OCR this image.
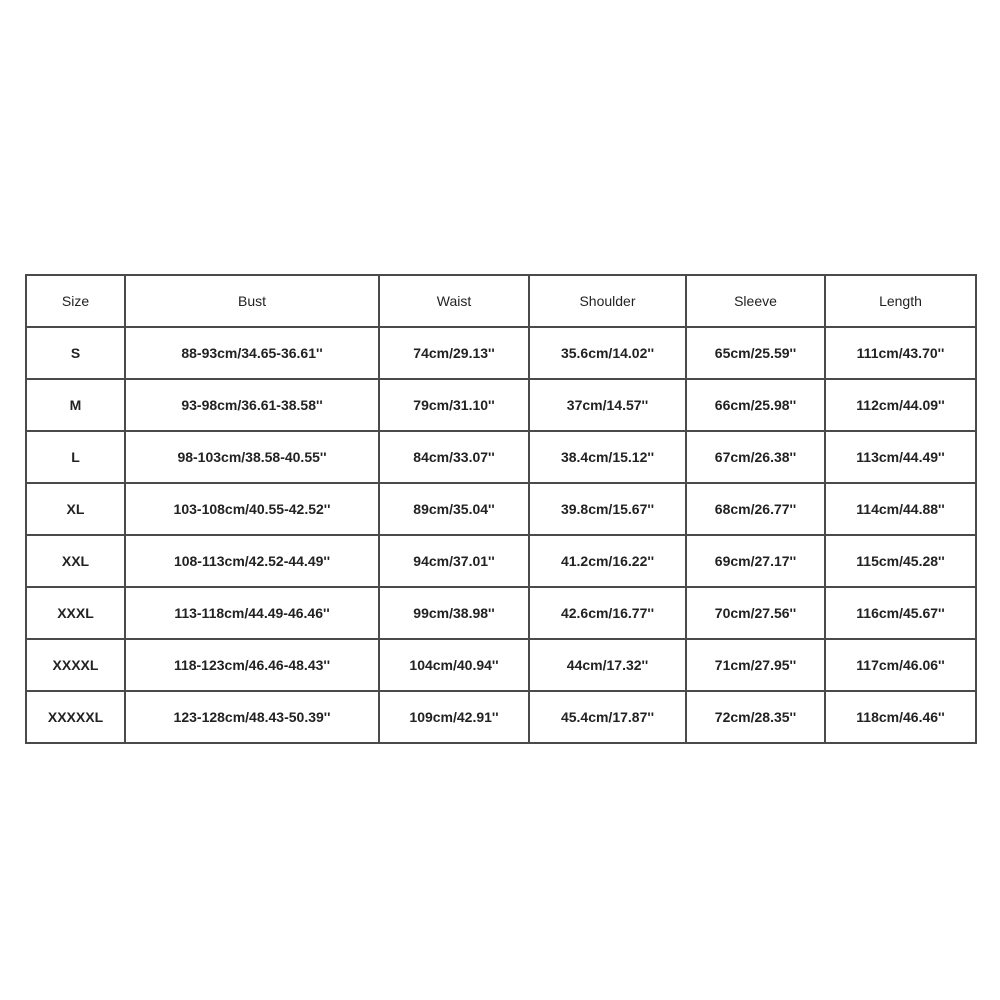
Size	Bust	Waist	Shoulder	Sleeve	Length
S	88-93cm/34.65-36.61''	74cm/29.13''	35.6cm/14.02''	65cm/25.59''	111cm/43.70''
M	93-98cm/36.61-38.58''	79cm/31.10''	37cm/14.57''	66cm/25.98''	112cm/44.09''
L	98-103cm/38.58-40.55''	84cm/33.07''	38.4cm/15.12''	67cm/26.38''	113cm/44.49''
XL	103-108cm/40.55-42.52''	89cm/35.04''	39.8cm/15.67''	68cm/26.77''	114cm/44.88''
XXL	108-113cm/42.52-44.49''	94cm/37.01''	41.2cm/16.22''	69cm/27.17''	115cm/45.28''
XXXL	113-118cm/44.49-46.46''	99cm/38.98''	42.6cm/16.77''	70cm/27.56''	116cm/45.67''
XXXXL	118-123cm/46.46-48.43''	104cm/40.94''	44cm/17.32''	71cm/27.95''	117cm/46.06''
XXXXXL	123-128cm/48.43-50.39''	109cm/42.91''	45.4cm/17.87''	72cm/28.35''	118cm/46.46''
